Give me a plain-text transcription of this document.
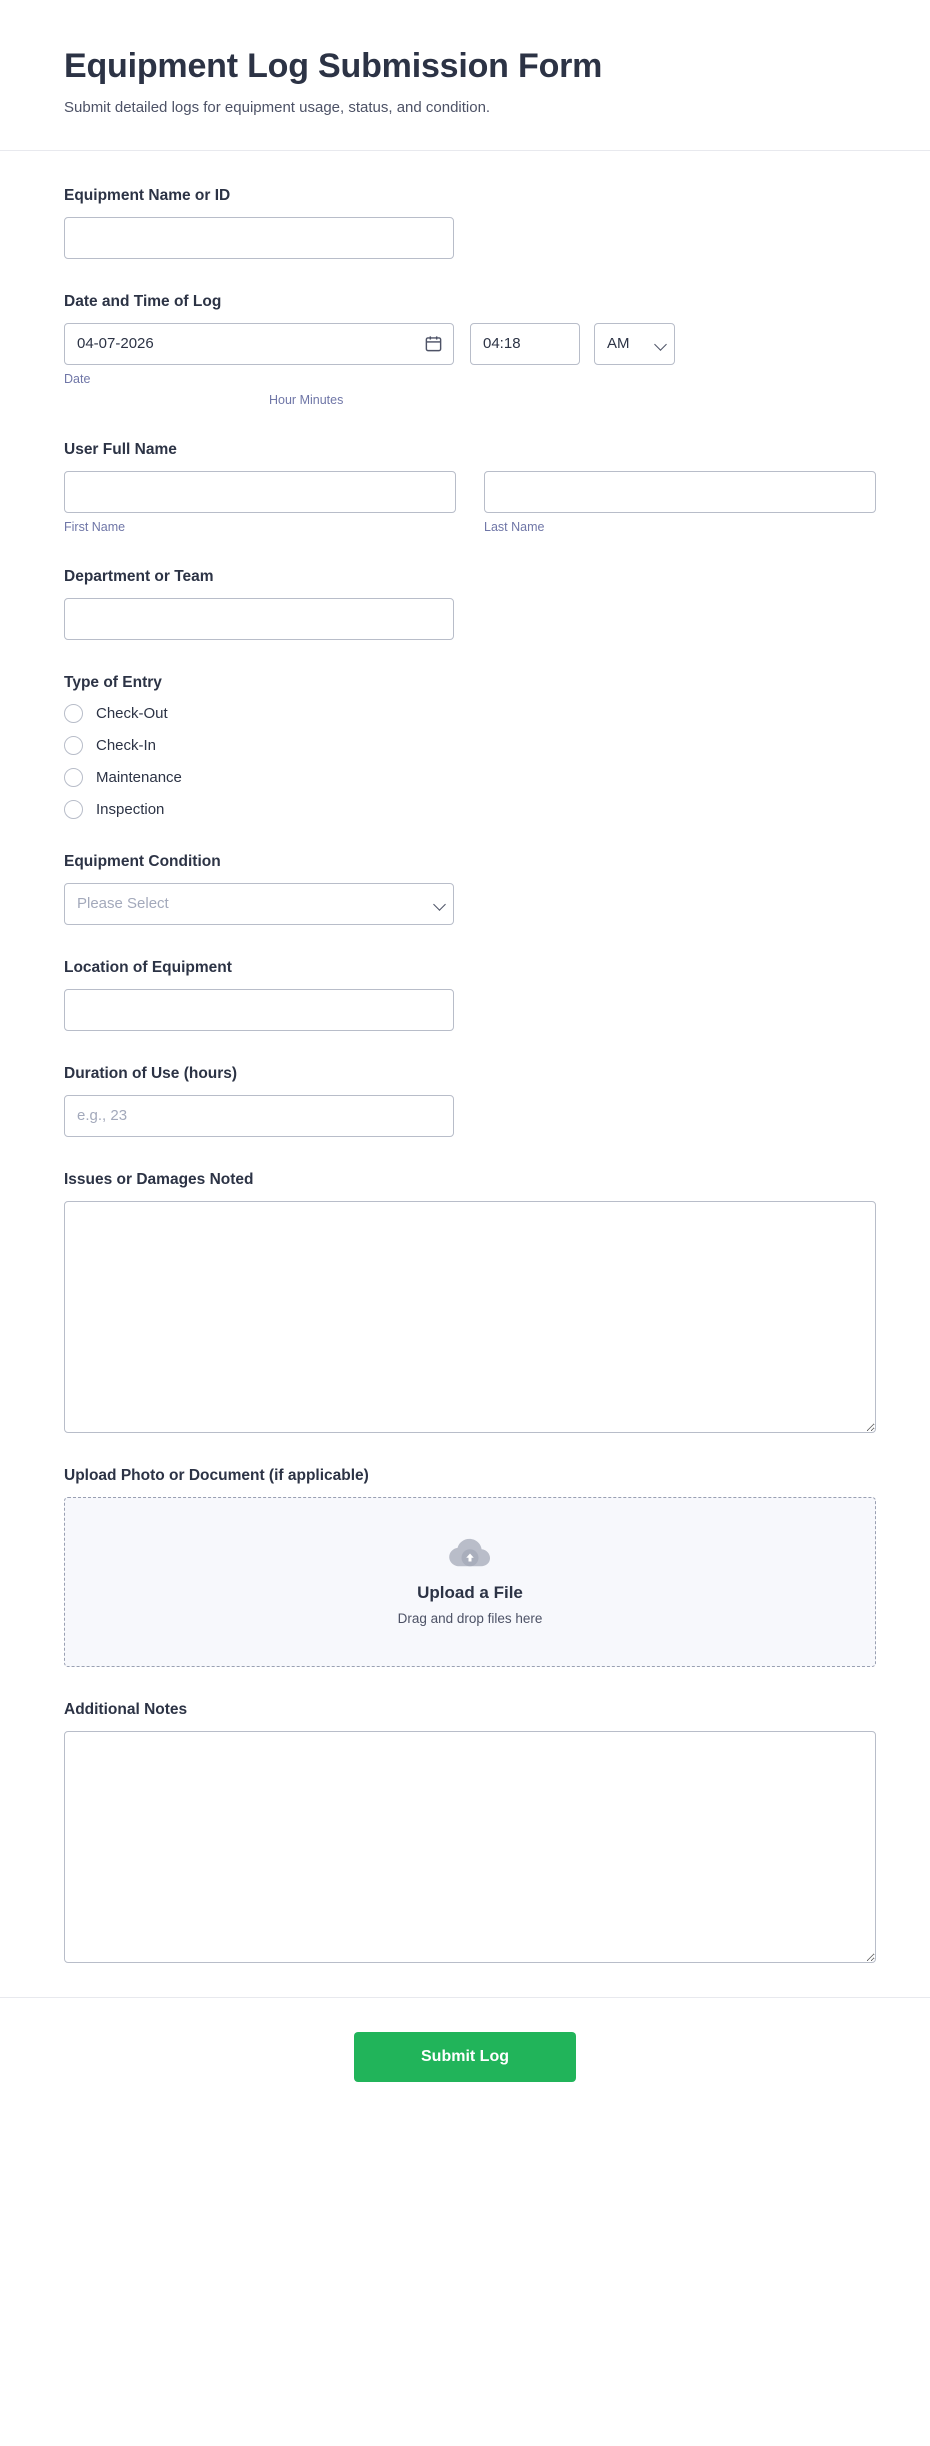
Equipment Log Submission Form

Submit detailed logs for equipment usage, status, and condition.

Equipment Name or ID
Date and Time of Log
04-07-2026
Date
04:18
AM
Hour Minutes
User Full Name
First Name	Last Name
Department or Team
Type of Entry
Check-Out
Check-In
Maintenance
Inspection
Equipment Condition
Please Select
Location of Equipment
Duration of Use (hours)
e.g., 23
Issues or Damages Noted
Upload Photo or Document (if applicable)
Upload a File
Drag and drop files here
Additional Notes
Submit Log
